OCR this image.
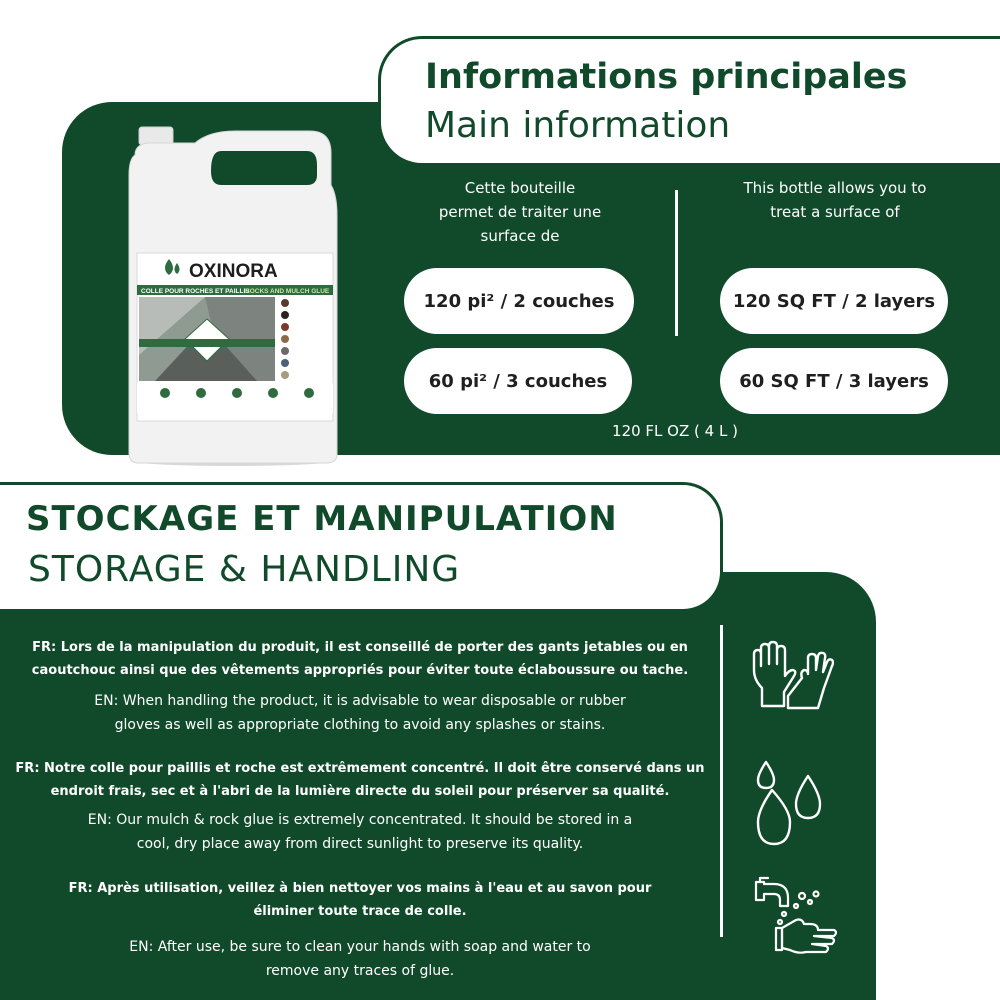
Informations principales
Main information
OXINORA
COLLE POUR ROCHES ET PAILLIS
ROCKS AND MULCH GLUE
Cette bouteille
permet de traiter une
surface de
This bottle allows you to
treat a surface of
120 pi² / 2 couches
60 pi² / 3 couches
120 SQ FT / 2 layers
60 SQ FT / 3 layers
120 FL OZ ( 4 L )
STOCKAGE ET MANIPULATION
STORAGE & HANDLING
FR: Lors de la manipulation du produit, il est conseillé de porter des gants jetables ou en
caoutchouc ainsi que des vêtements appropriés pour éviter toute éclaboussure ou tache.
EN: When handling the product, it is advisable to wear disposable or rubber
gloves as well as appropriate clothing to avoid any splashes or stains.
FR: Notre colle pour paillis et roche est extrêmement concentré. Il doit être conservé dans un
endroit frais, sec et à l'abri de la lumière directe du soleil pour préserver sa qualité.
EN: Our mulch & rock glue is extremely concentrated. It should be stored in a
cool, dry place away from direct sunlight to preserve its quality.
FR: Après utilisation, veillez à bien nettoyer vos mains à l'eau et au savon pour
éliminer toute trace de colle.
EN: After use, be sure to clean your hands with soap and water to
remove any traces of glue.
